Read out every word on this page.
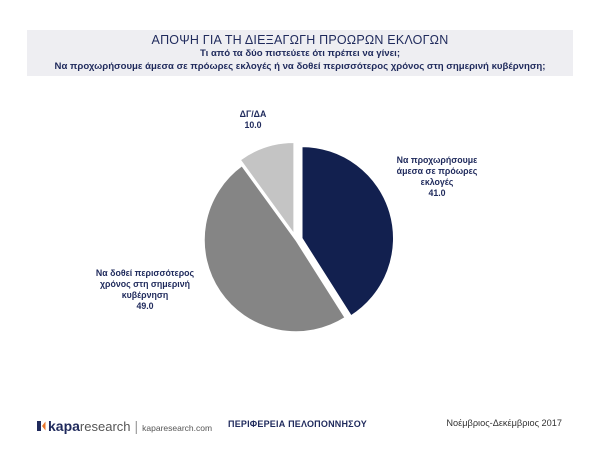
ΑΠΟΨΗ ΓΙΑ ΤΗ ΔΙΕΞΑΓΩΓΗ ΠΡΟΩΡΩΝ ΕΚΛΟΓΩΝ
Τι από τα δύο πιστεύετε ότι πρέπει να γίνει;
Να προχωρήσουμε άμεσα σε πρόωρες εκλογές ή να δοθεί περισσότερος χρόνος στη σημερινή κυβέρνηση;
Να προχωρήσουμε άμεσα σε πρόωρες εκλογές 41.0
Να δοθεί περισσότερος χρόνος στη σημερινή κυβέρνηση 49.0
ΔΓ/ΔΑ 10.0
kaparesearch | kaparesearch.com ΠΕΡΙΦΕΡΕΙΑ ΠΕΛΟΠΟΝΝΗΣΟΥ	Νοέμβριος-Δεκέμβριος 2017
